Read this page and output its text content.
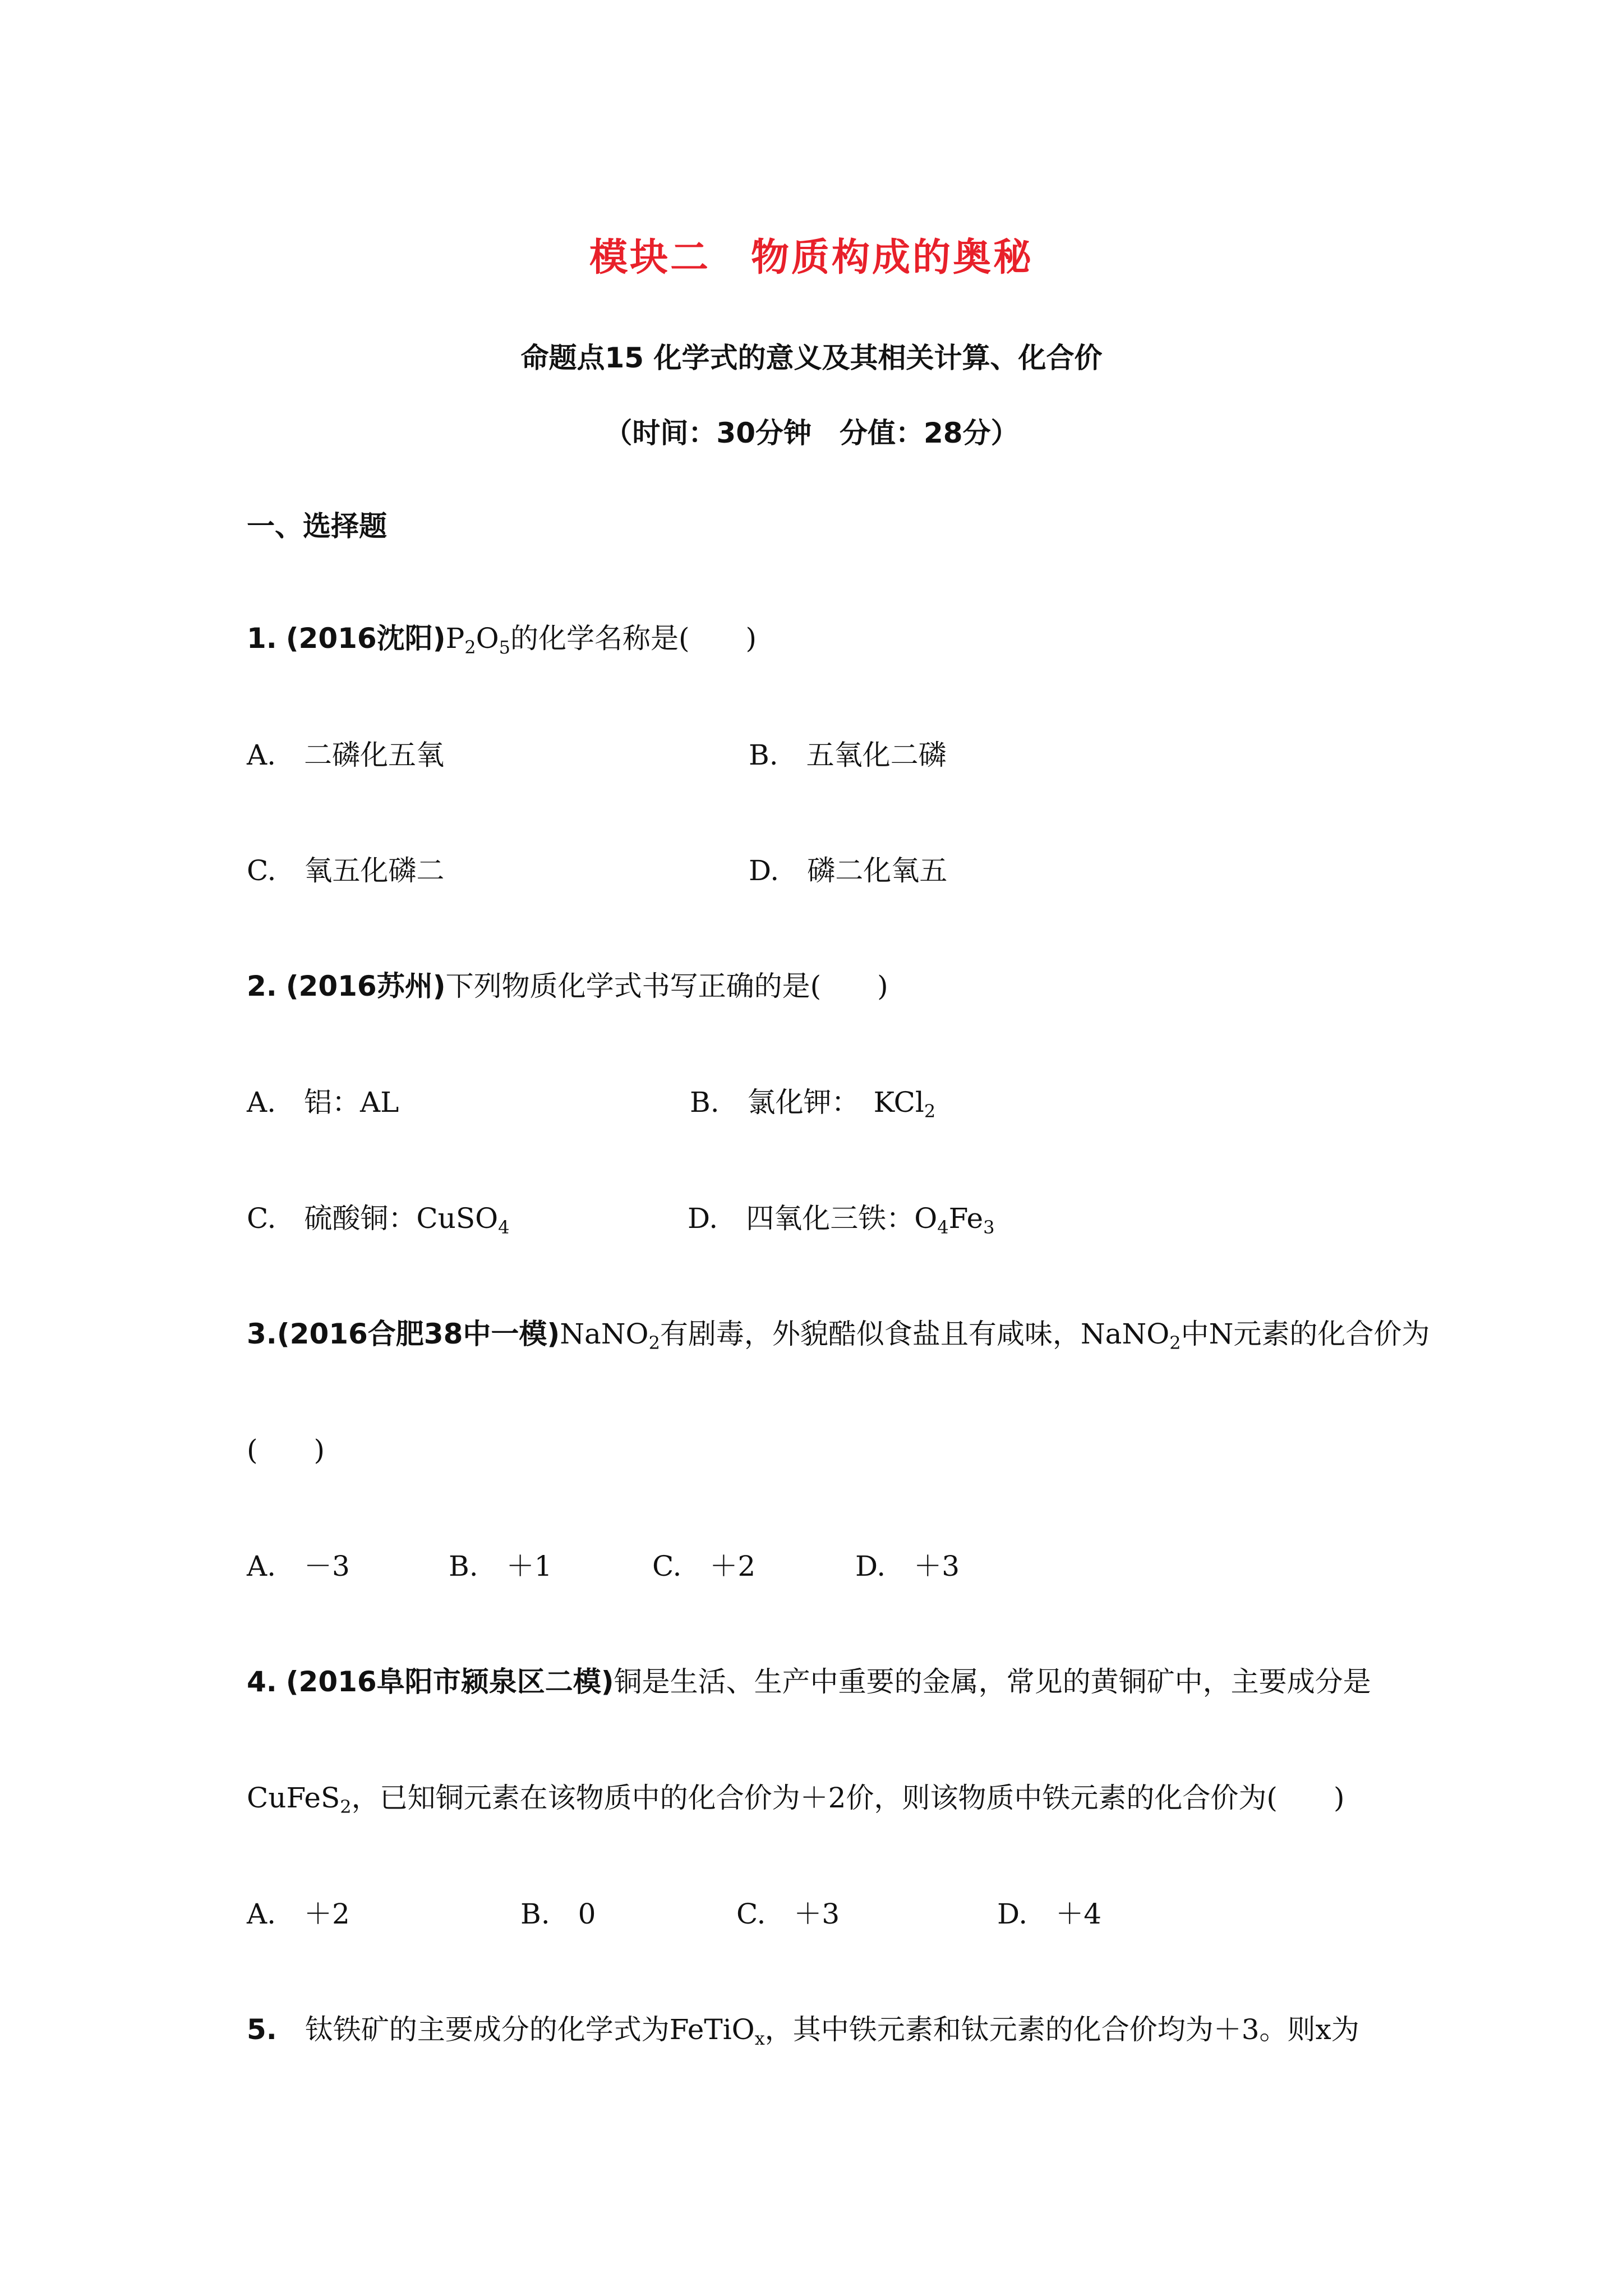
模块二　物质构成的奥秘
命题点15 化学式的意义及其相关计算、化合价
（时间：30分钟　分值：28分）
一、选择题
1. (2016沈阳)$P_2O_5$的化学名称是(　　)
A.　二磷化五氧	B.　五氧化二磷
C.　氧五化磷二	D.　磷二化氧五
2. (2016苏州)下列物质化学式书写正确的是(　　)
A.　铝：AL	B.　氯化钾：　KCl$_2$
C.　硫酸铜：CuSO$_4$	D.　四氧化三铁：$O_4Fe_3$
3.(2016合肥38中一模)NaNO$_2$有剧毒，外貌酷似食盐且有咸味，NaNO$_2$中N元素的化合价为
(　　)
A.　－3	B.　＋1	C.　＋2	D.　＋3
4. (2016阜阳市颍泉区二模)铜是生活、生产中重要的金属，常见的黄铜矿中，主要成分是
CuFeS$_2$，已知铜元素在该物质中的化合价为＋2价，则该物质中铁元素的化合价为(　　)
A.　＋2	B.　0	C.　＋3	D.　＋4
5.　钛铁矿的主要成分的化学式为FeTiO$_x$，其中铁元素和钛元素的化合价均为＋3。则x为
